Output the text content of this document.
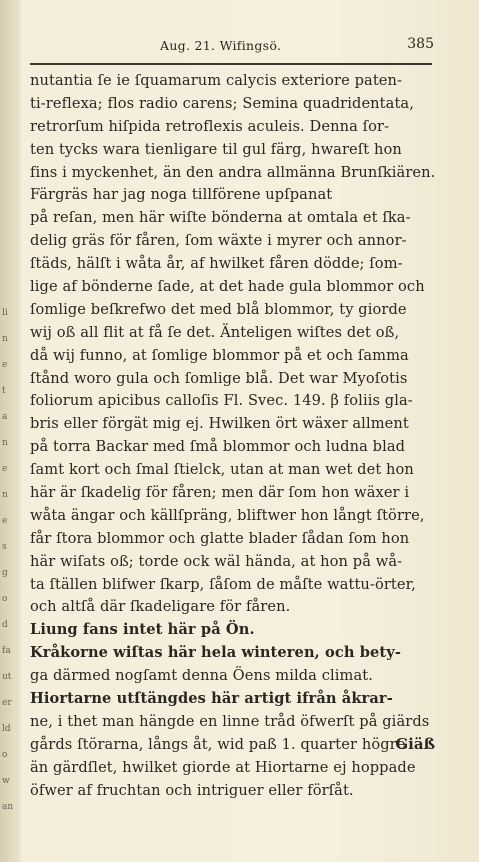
li
n
e
t
a
n
e
n
e
s
g
o
d
fa
ut
er
ld
o
w
an
Aug. 21. Wifingsö.	385
nutantia ſe ie ſquamarum calycis exteriore paten-
ti-reflexa; flos radio carens; Semina quadridentata,
retrorſum hiſpida retroflexis aculeis. Denna ſor-
ten tycks wara tienligare til gul färg, hwareſt hon
fins i myckenhet, än den andra allmänna Brunſkiären.
Färgräs har jag noga tillförene upſpanat
på reſan, men här wiſte bönderna at omtala et ſka-
delig gräs för fåren, ſom wäxte i myrer och annor-
ſtäds, hälſt i wåta år, af hwilket fåren dödde; ſom-
lige af bönderne ſade, at det hade gula blommor och
ſomlige beſkrefwo det med blå blommor, ty giorde
wij oß all flit at få ſe det. Änteligen wiſtes det oß,
då wij funno, at ſomlige blommor på et och ſamma
ſtånd woro gula och ſomlige blå. Det war Myoſotis
foliorum apicibus calloſis Fl. Svec. 149. β foliis gla-
bris eller förgät mig ej. Hwilken ört wäxer allment
på torra Backar med ſmå blommor och ludna blad
ſamt kort och ſmal ſtielck, utan at man wet det hon
här är ſkadelig för fåren; men där ſom hon wäxer i
wåta ängar och källſpräng, bliftwer hon långt ſtörre,
får ſtora blommor och glatte blader ſådan ſom hon
här wiſats oß; torde ock wäl hända, at hon på wå-
ta ſtällen blifwer ſkarp, ſåſom de måſte wattu-örter,
och altſå där ſkadeligare för fåren.
Liung fans intet här på Ön.
Kråkorne wiſtas här hela winteren, och bety-
ga därmed nogſamt denna Öens milda climat.
Hiortarne utſtängdes här artigt ifrån åkrar-
ne, i thet man hängde en linne tråd öfwerſt på giärds
gårds ſtörarna, långs åt, wid paß 1. quarter högre
än gärdſlet, hwilket giorde at Hiortarne ej hoppade
öfwer af fruchtan och intriguer eller förſåt.
Giäß
